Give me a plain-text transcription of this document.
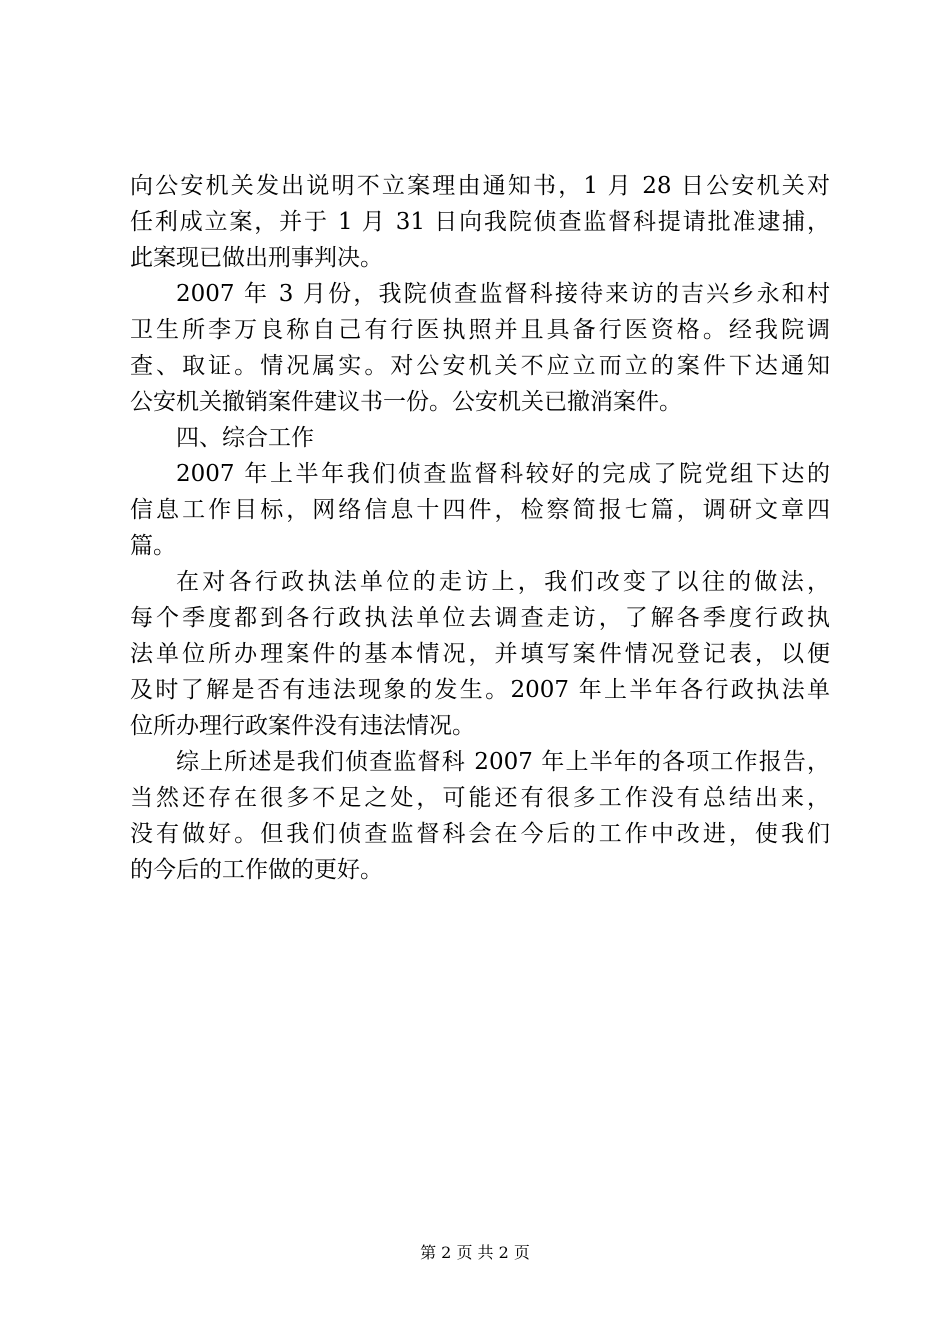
向公安机关发出说明不立案理由通知书，1 月 28 日公安机关对
任利成立案，并于 1 月 31 日向我院侦查监督科提请批准逮捕，
此案现已做出刑事判决。
2007 年 3 月份，我院侦查监督科接待来访的吉兴乡永和村
卫生所李万良称自己有行医执照并且具备行医资格。经我院调
查、取证。情况属实。对公安机关不应立而立的案件下达通知
公安机关撤销案件建议书一份。公安机关已撤消案件。
四、综合工作
2007 年上半年我们侦查监督科较好的完成了院党组下达的
信息工作目标，网络信息十四件，检察简报七篇，调研文章四
篇。
在对各行政执法单位的走访上，我们改变了以往的做法，
每个季度都到各行政执法单位去调查走访，了解各季度行政执
法单位所办理案件的基本情况，并填写案件情况登记表，以便
及时了解是否有违法现象的发生。2007 年上半年各行政执法单
位所办理行政案件没有违法情况。
综上所述是我们侦查监督科 2007 年上半年的各项工作报告，
当然还存在很多不足之处，可能还有很多工作没有总结出来，
没有做好。但我们侦查监督科会在今后的工作中改进，使我们
的今后的工作做的更好。
第 2 页 共 2 页
